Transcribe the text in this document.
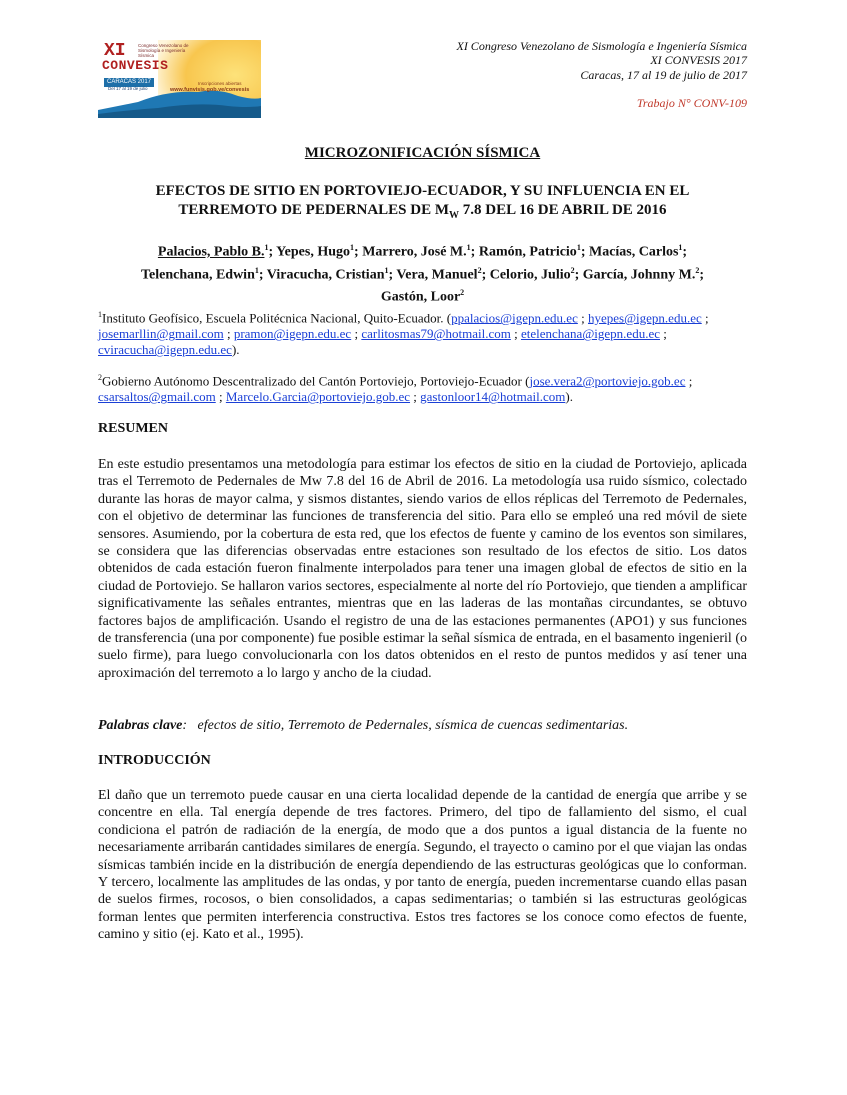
XI	Congreso Venezolano de Sismología e Ingeniería Sísmica
CONVESIS
CARACAS 2017
Del 17 al 19 de julio
Inscripciones abiertas
www.funvisis.gob.ve/convesis
XI Congreso Venezolano de Sismología e Ingeniería Sísmica
XI CONVESIS 2017
Caracas, 17 al 19 de julio de 2017
Trabajo N° CONV-109
MICROZONIFICACIÓN SÍSMICA
EFECTOS DE SITIO EN PORTOVIEJO-ECUADOR, Y SU INFLUENCIA EN EL
TERREMOTO DE PEDERNALES DE $M_W$ 7.8 DEL 16 DE ABRIL DE 2016
Palacios, Pablo B.$^1$; Yepes, Hugo$^1$; Marrero, José M.$^1$; Ramón, Patricio$^1$; Macías, Carlos$^1$;
Telenchana, Edwin$^1$; Viracucha, Cristian$^1$; Vera, Manuel$^2$; Celorio, Julio$^2$; García, Johnny M.$^2$;
Gastón, Loor$^2$
$^1$Instituto Geofísico, Escuela Politécnica Nacional, Quito-Ecuador. (ppalacios@igepn.edu.ec ; hyepes@igepn.edu.ec ; josemarllin@gmail.com ; pramon@igepn.edu.ec ; carlitosmas79@hotmail.com ; etelenchana@igepn.edu.ec ; cviracucha@igepn.edu.ec).
$^2$Gobierno Autónomo Descentralizado del Cantón Portoviejo, Portoviejo-Ecuador (jose.vera2@portoviejo.gob.ec ; csarsaltos@gmail.com ; Marcelo.Garcia@portoviejo.gob.ec ; gastonloor14@hotmail.com).
RESUMEN
En este estudio presentamos una metodología para estimar los efectos de sitio en la ciudad de Portoviejo, aplicada tras el Terremoto de Pedernales de Mw 7.8 del 16 de Abril de 2016. La metodología usa ruido sísmico, colectado durante las horas de mayor calma, y sismos distantes, siendo varios de ellos réplicas del Terremoto de Pedernales, con el objetivo de determinar las funciones de transferencia del sitio. Para ello se empleó una red móvil de siete sensores. Asumiendo, por la cobertura de esta red, que los efectos de fuente y camino de los eventos son similares, se considera que las diferencias observadas entre estaciones son resultado de los efectos de sitio. Los datos obtenidos de cada estación fueron finalmente interpolados para tener una imagen global de efectos de sitio en la ciudad de Portoviejo. Se hallaron varios sectores, especialmente al norte del río Portoviejo, que tienden a amplificar significativamente las señales entrantes, mientras que en las laderas de las montañas circundantes, se obtuvo factores bajos de amplificación. Usando el registro de una de las estaciones permanentes (APO1) y sus funciones de transferencia (una por componente) fue posible estimar la señal sísmica de entrada, en el basamento ingenieril (o suelo firme), para luego convolucionarla con los datos obtenidos en el resto de puntos medidos y así tener una aproximación del terremoto a lo largo y ancho de la ciudad.
Palabras clave:   efectos de sitio, Terremoto de Pedernales, sísmica de cuencas sedimentarias.
INTRODUCCIÓN
El daño que un terremoto puede causar en una cierta localidad depende de la cantidad de energía que arribe y se concentre en ella. Tal energía depende de tres factores. Primero, del tipo de fallamiento del sismo, el cual condiciona el patrón de radiación de la energía, de modo que a dos puntos a igual distancia de la fuente no necesariamente arribarán cantidades similares de energía. Segundo, el trayecto o camino por el que viajan las ondas sísmicas también incide en la distribución de energía dependiendo de las estructuras geológicas que lo conforman. Y tercero, localmente las amplitudes de las ondas, y por tanto de energía, pueden incrementarse cuando ellas pasan de suelos firmes, rocosos, o bien consolidados, a capas sedimentarias; o también si las estructuras geológicas forman lentes que permiten interferencia constructiva. Estos tres factores se los conoce como efectos de fuente, camino y sitio (ej. Kato et al., 1995).
